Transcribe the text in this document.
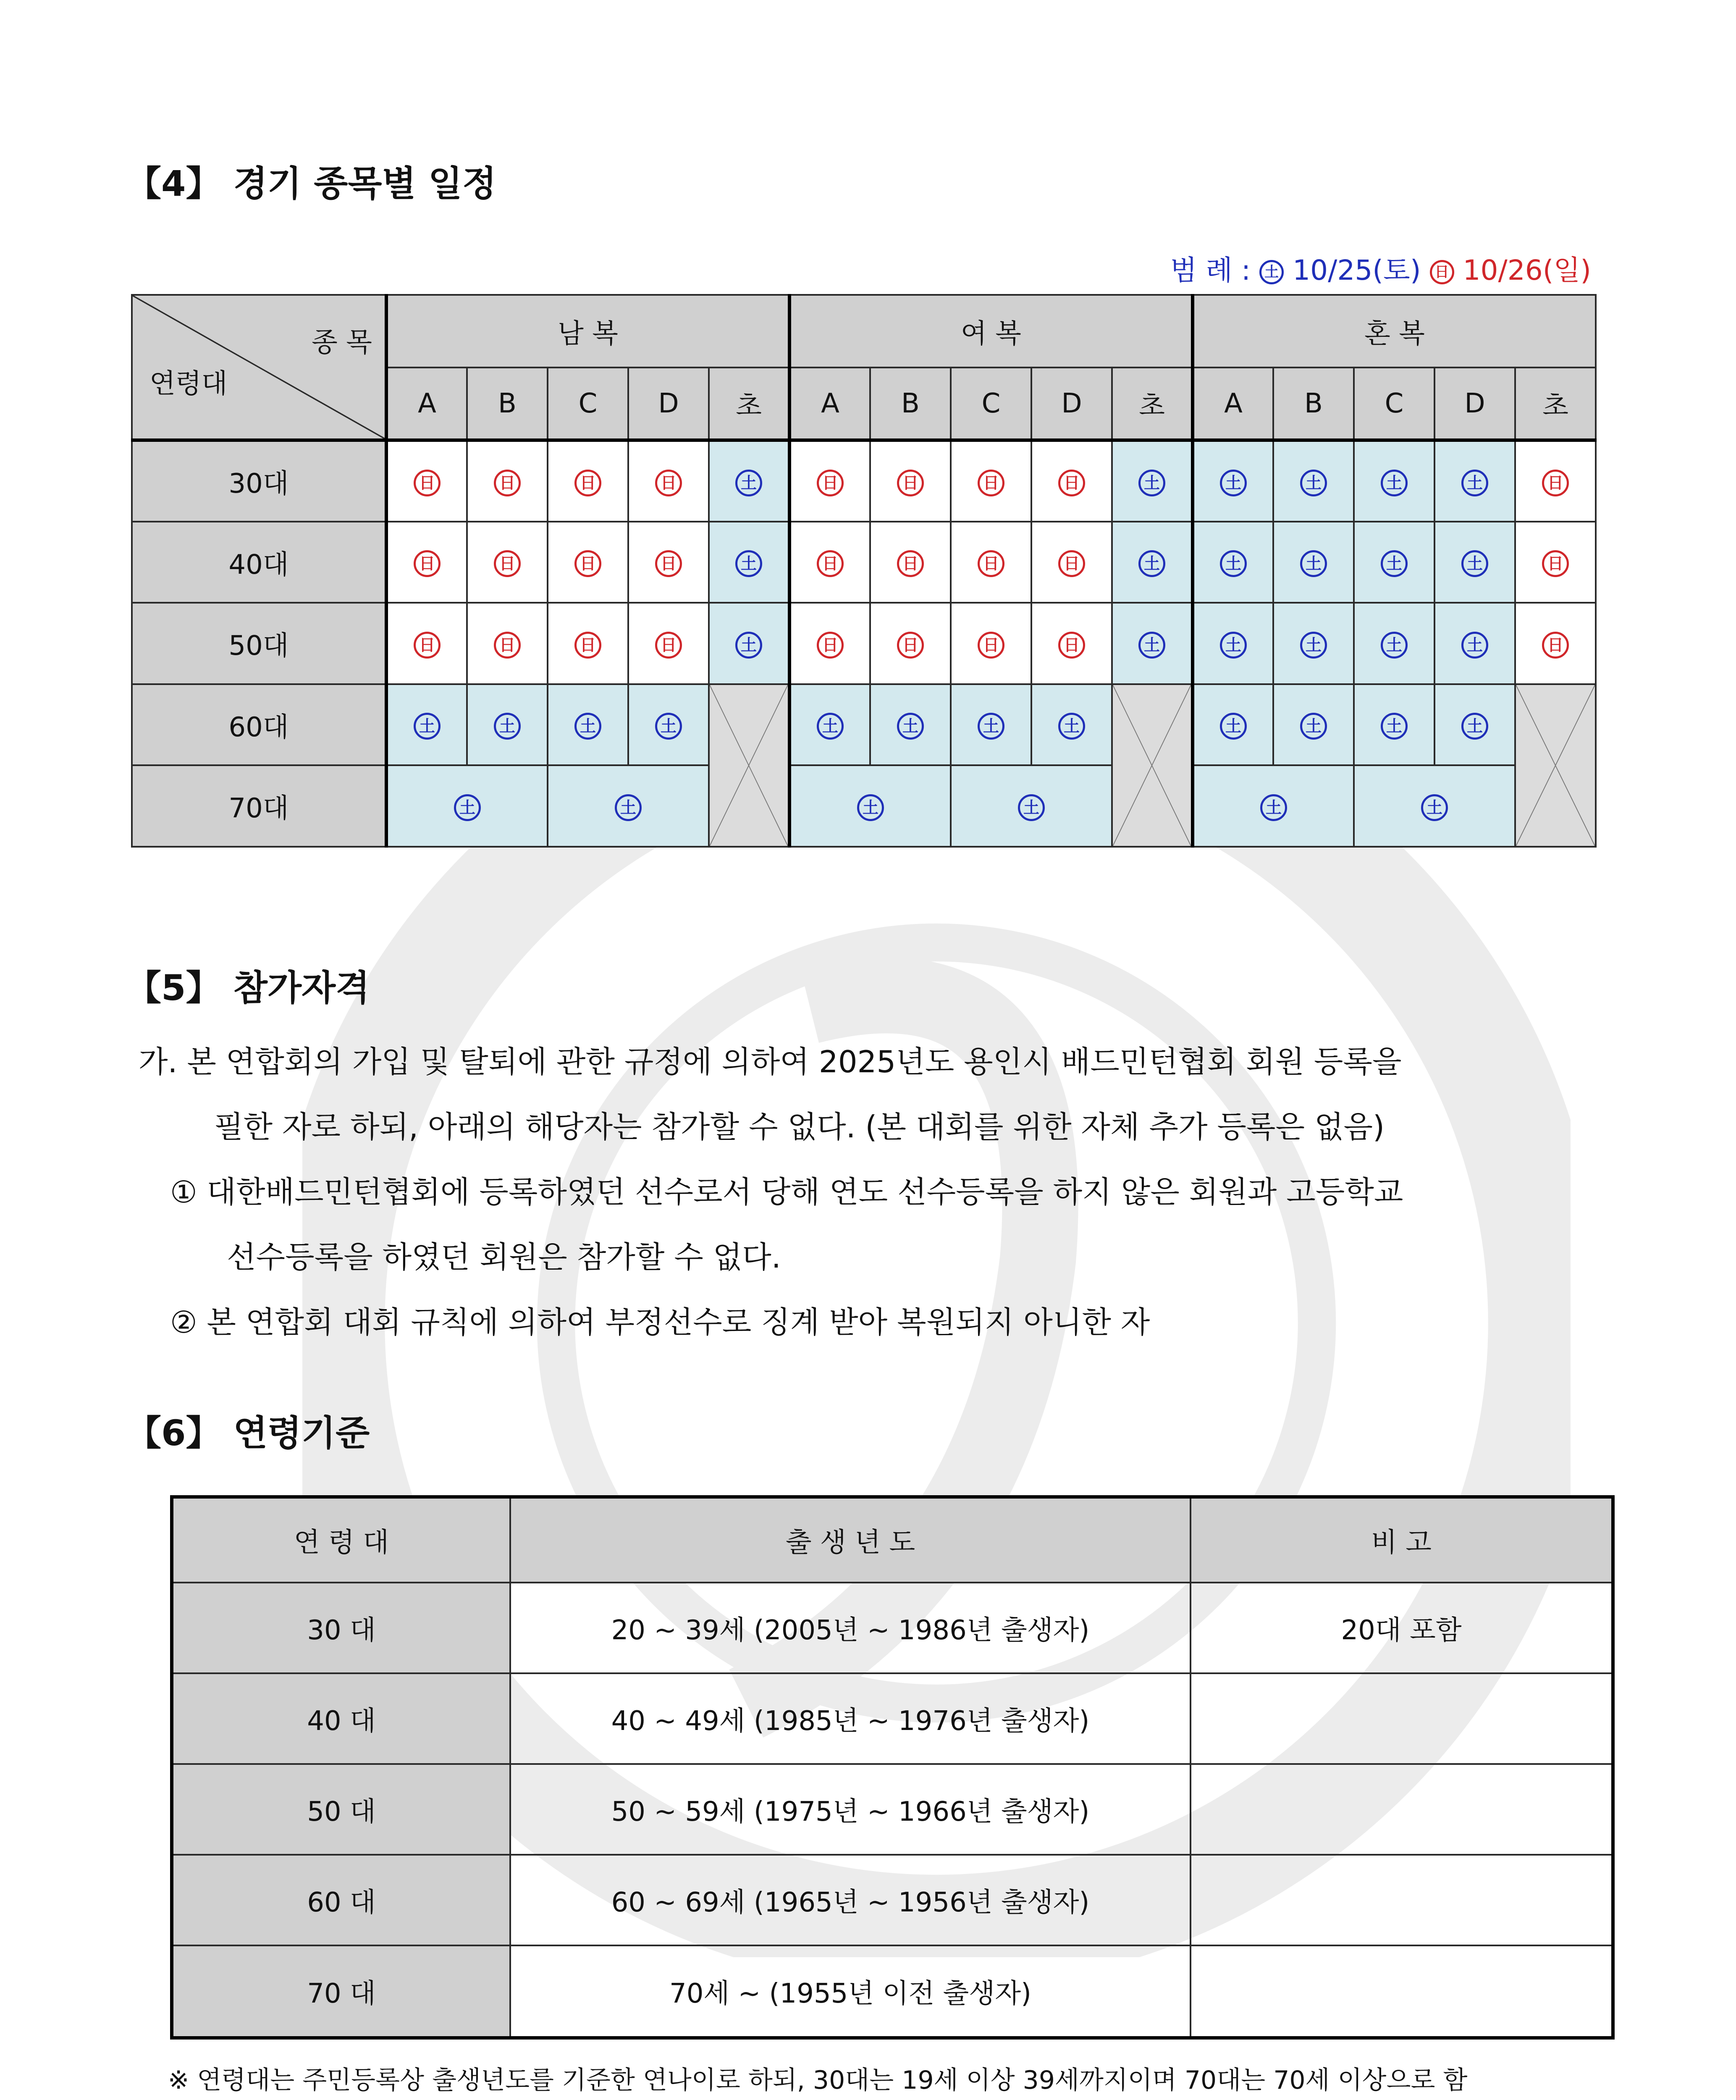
【4】 경기 종목별 일정
범 례 : 土 10/25(토) 日 10/26(일)
종 목
연령대	남 복					여 복					혼 복				
	A	B	C	D	초	A	B	C	D	초	A	B	C	D	초
30대	日	日	日	日	土	日	日	日	日	土	土	土	土	土	日
40대	日	日	日	日	土	日	日	日	日	土	土	土	土	土	日
50대	日	日	日	日	土	日	日	日	日	土	土	土	土	土	日
60대	土	土	土	土		土	土	土	土		土	土	土	土	

70대	土		土			土		土			土		土		
【5】 참가자격
가. 본 연합회의 가입 및 탈퇴에 관한 규정에 의하여 2025년도 용인시 배드민턴협회 회원 등록을
필한 자로 하되, 아래의 해당자는 참가할 수 없다. (본 대회를 위한 자체 추가 등록은 없음)
① 대한배드민턴협회에 등록하였던 선수로서 당해 연도 선수등록을 하지 않은 회원과 고등학교
선수등록을 하였던 회원은 참가할 수 없다.
② 본 연합회 대회 규칙에 의하여 부정선수로 징계 받아 복원되지 아니한 자
【6】 연령기준
연 령 대	출 생 년 도	비 고
30 대	20 ~ 39세 (2005년 ~ 1986년 출생자)	20대 포함
40 대	40 ~ 49세 (1985년 ~ 1976년 출생자)	
50 대	50 ~ 59세 (1975년 ~ 1966년 출생자)	
60 대	60 ~ 69세 (1965년 ~ 1956년 출생자)	
70 대	70세 ~ (1955년 이전 출생자)	
※ 연령대는 주민등록상 출생년도를 기준한 연나이로 하되, 30대는 19세 이상 39세까지이며 70대는 70세 이상으로 함
